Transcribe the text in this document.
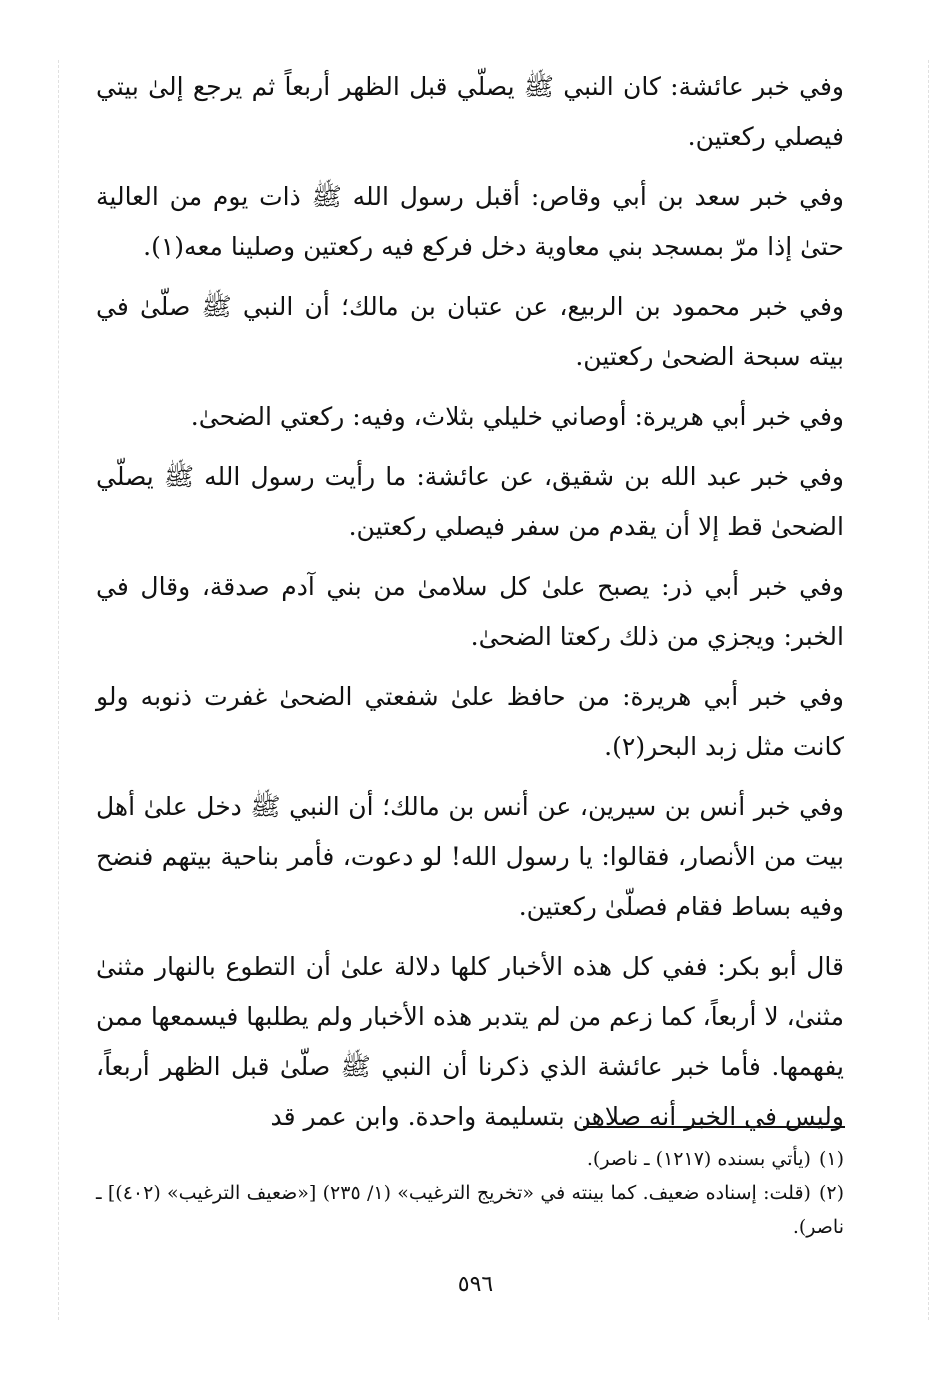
وفي خبر عائشة: كان النبي ﷺ يصلّي قبل الظهر أربعاً ثم يرجع إلىٰ بيتي فيصلي ركعتين.

وفي خبر سعد بن أبي وقاص: أقبل رسول الله ﷺ ذات يوم من العالية حتىٰ إذا مرّ بمسجد بني معاوية دخل فركع فيه ركعتين وصلينا معه(١).

وفي خبر محمود بن الربيع، عن عتبان بن مالك؛ أن النبي ﷺ صلّىٰ في بيته سبحة الضحىٰ ركعتين.

وفي خبر أبي هريرة: أوصاني خليلي بثلاث، وفيه: ركعتي الضحىٰ.

وفي خبر عبد الله بن شقيق، عن عائشة: ما رأيت رسول الله ﷺ يصلّي الضحىٰ قط إلا أن يقدم من سفر فيصلي ركعتين.

وفي خبر أبي ذر: يصبح علىٰ كل سلامىٰ من بني آدم صدقة، وقال في الخبر: ويجزي من ذلك ركعتا الضحىٰ.

وفي خبر أبي هريرة: من حافظ علىٰ شفعتي الضحىٰ غفرت ذنوبه ولو كانت مثل زبد البحر(٢).

وفي خبر أنس بن سيرين، عن أنس بن مالك؛ أن النبي ﷺ دخل علىٰ أهل بيت من الأنصار، فقالوا: يا رسول الله! لو دعوت، فأمر بناحية بيتهم فنضح وفيه بساط فقام فصلّىٰ ركعتين.

قال أبو بكر: ففي كل هذه الأخبار كلها دلالة علىٰ أن التطوع بالنهار مثنىٰ مثنىٰ، لا أربعاً، كما زعم من لم يتدبر هذه الأخبار ولم يطلبها فيسمعها ممن يفهمها. فأما خبر عائشة الذي ذكرنا أن النبي ﷺ صلّىٰ قبل الظهر أربعاً، وليس في الخبر أنه صلاهن بتسليمة واحدة. وابن عمر قد

(١)(يأتي بسنده (١٢١٧) ـ ناصر).

(٢)(قلت: إسناده ضعيف. كما بينته في «تخريج الترغيب» (١/ ٢٣٥) [«ضعيف الترغيب» (٤٠٢)] ـ ناصر).

٥٩٦
